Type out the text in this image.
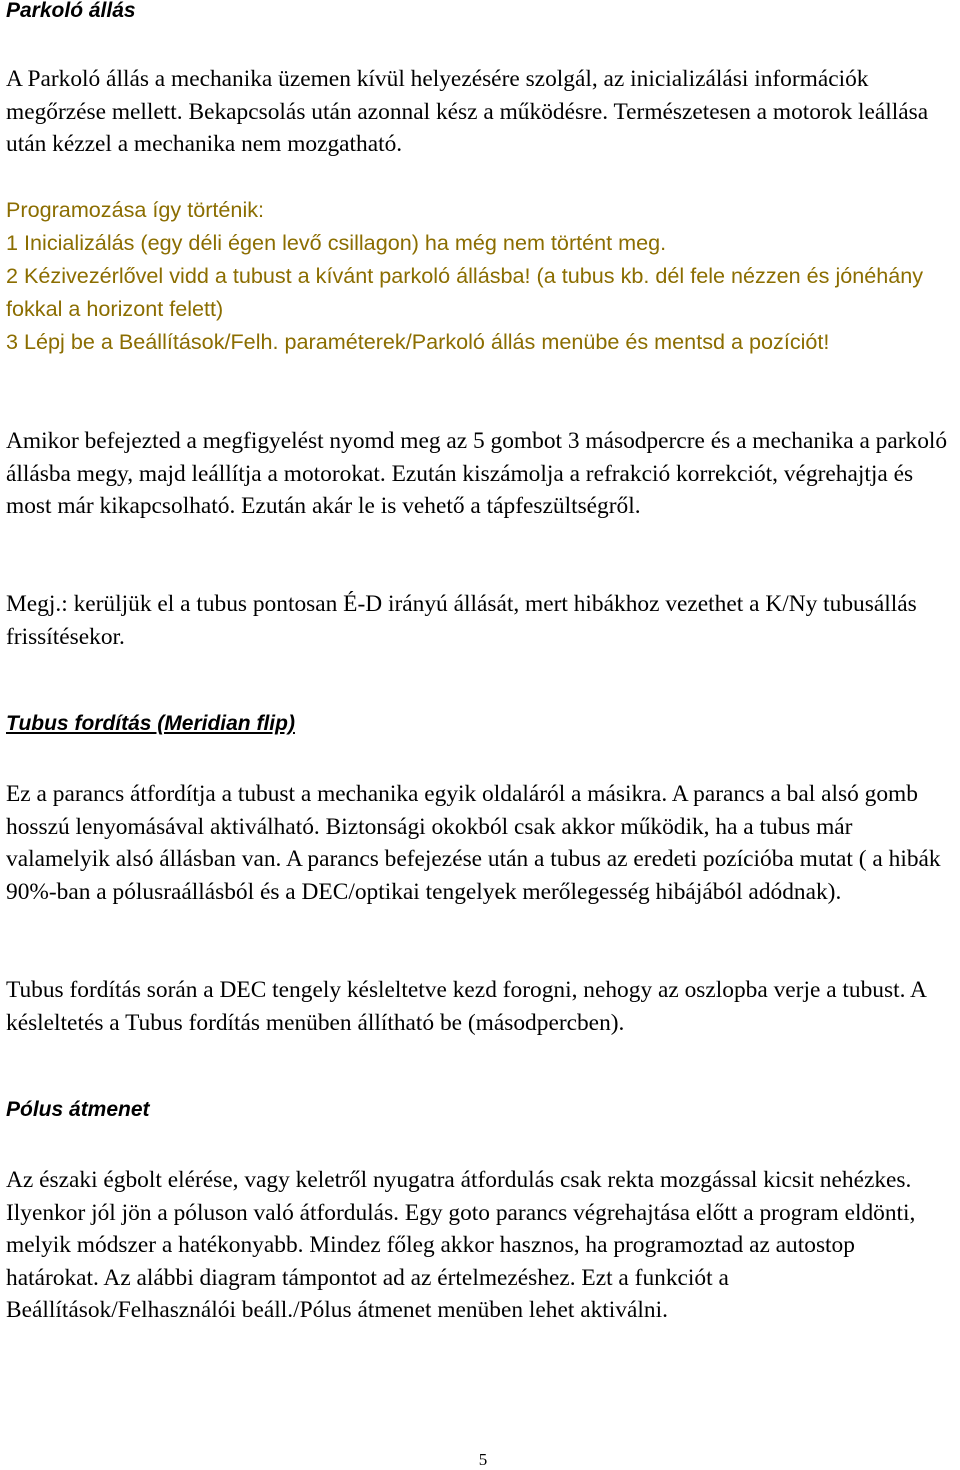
Parkoló állás

A Parkoló állás a mechanika üzemen kívül helyezésére szolgál, az inicializálási információk megőrzése mellett. Bekapcsolás után azonnal kész a működésre. Természetesen a motorok leállása után kézzel a mechanika nem mozgatható.

Programozása így történik:

1 Inicializálás (egy déli égen levő csillagon) ha még nem történt meg.

2 Kézivezérlővel vidd a tubust a kívánt parkoló állásba! (a tubus kb. dél fele nézzen és jónéhány fokkal a horizont felett)

3 Lépj be a Beállítások/Felh. paraméterek/Parkoló állás menübe és mentsd a pozíciót!

Amikor befejezted a megfigyelést nyomd meg az 5 gombot 3 másodpercre és a mechanika a parkoló állásba megy, majd leállítja a motorokat. Ezután kiszámolja a refrakció korrekciót, végrehajtja és most már kikapcsolható. Ezután akár le is vehető a tápfeszültségről.

Megj.: kerüljük el a tubus pontosan É-D irányú állását, mert hibákhoz vezethet a K/Ny tubusállás frissítésekor.

Tubus fordítás (Meridian flip)

Ez a parancs átfordítja a tubust a mechanika egyik oldaláról a másikra. A parancs a bal alsó gomb hosszú lenyomásával aktiválható. Biztonsági okokból csak akkor működik, ha a tubus már valamelyik alsó állásban van. A parancs befejezése után a tubus az eredeti pozícióba mutat ( a hibák 90%-ban a pólusraállásból és a DEC/optikai tengelyek merőlegesség hibájából adódnak).

Tubus fordítás során a DEC tengely késleltetve kezd forogni, nehogy az oszlopba verje a tubust. A késleltetés a Tubus fordítás menüben állítható be (másodpercben).

Pólus átmenet

Az északi égbolt elérése, vagy keletről nyugatra átfordulás csak rekta mozgással kicsit nehézkes. Ilyenkor jól jön a póluson való átfordulás. Egy goto parancs végrehajtása előtt a program eldönti, melyik módszer a hatékonyabb. Mindez főleg akkor hasznos, ha programoztad az autostop határokat. Az alábbi diagram támpontot ad az értelmezéshez. Ezt a funkciót a Beállítások/Felhasználói beáll./Pólus átmenet menüben lehet aktiválni.

5
